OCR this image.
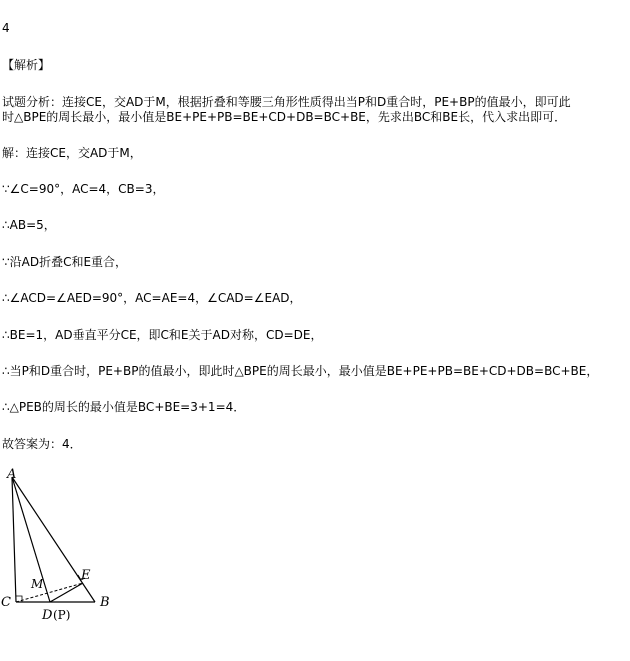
4
【解析】
试题分析：连接CE，交AD于M，根据折叠和等腰三角形性质得出当P和D重合时，PE+BP的值最小，即可此
时△BPE的周长最小，最小值是BE+PE+PB=BE+CD+DB=BC+BE，先求出BC和BE长，代入求出即可．
解：连接CE，交AD于M，
∵∠C=90°，AC=4，CB=3，
∴AB=5，
∵沿AD折叠C和E重合，
∴∠ACD=∠AED=90°，AC=AE=4，∠CAD=∠EAD，
∴BE=1，AD垂直平分CE，即C和E关于AD对称，CD=DE，
∴当P和D重合时，PE+BP的值最小，即此时△BPE的周长最小，最小值是BE+PE+PB=BE+CD+DB=BC+BE，
∴△PEB的周长的最小值是BC+BE=3+1=4．
故答案为：4．
A
C
M
E
D (P)
B
